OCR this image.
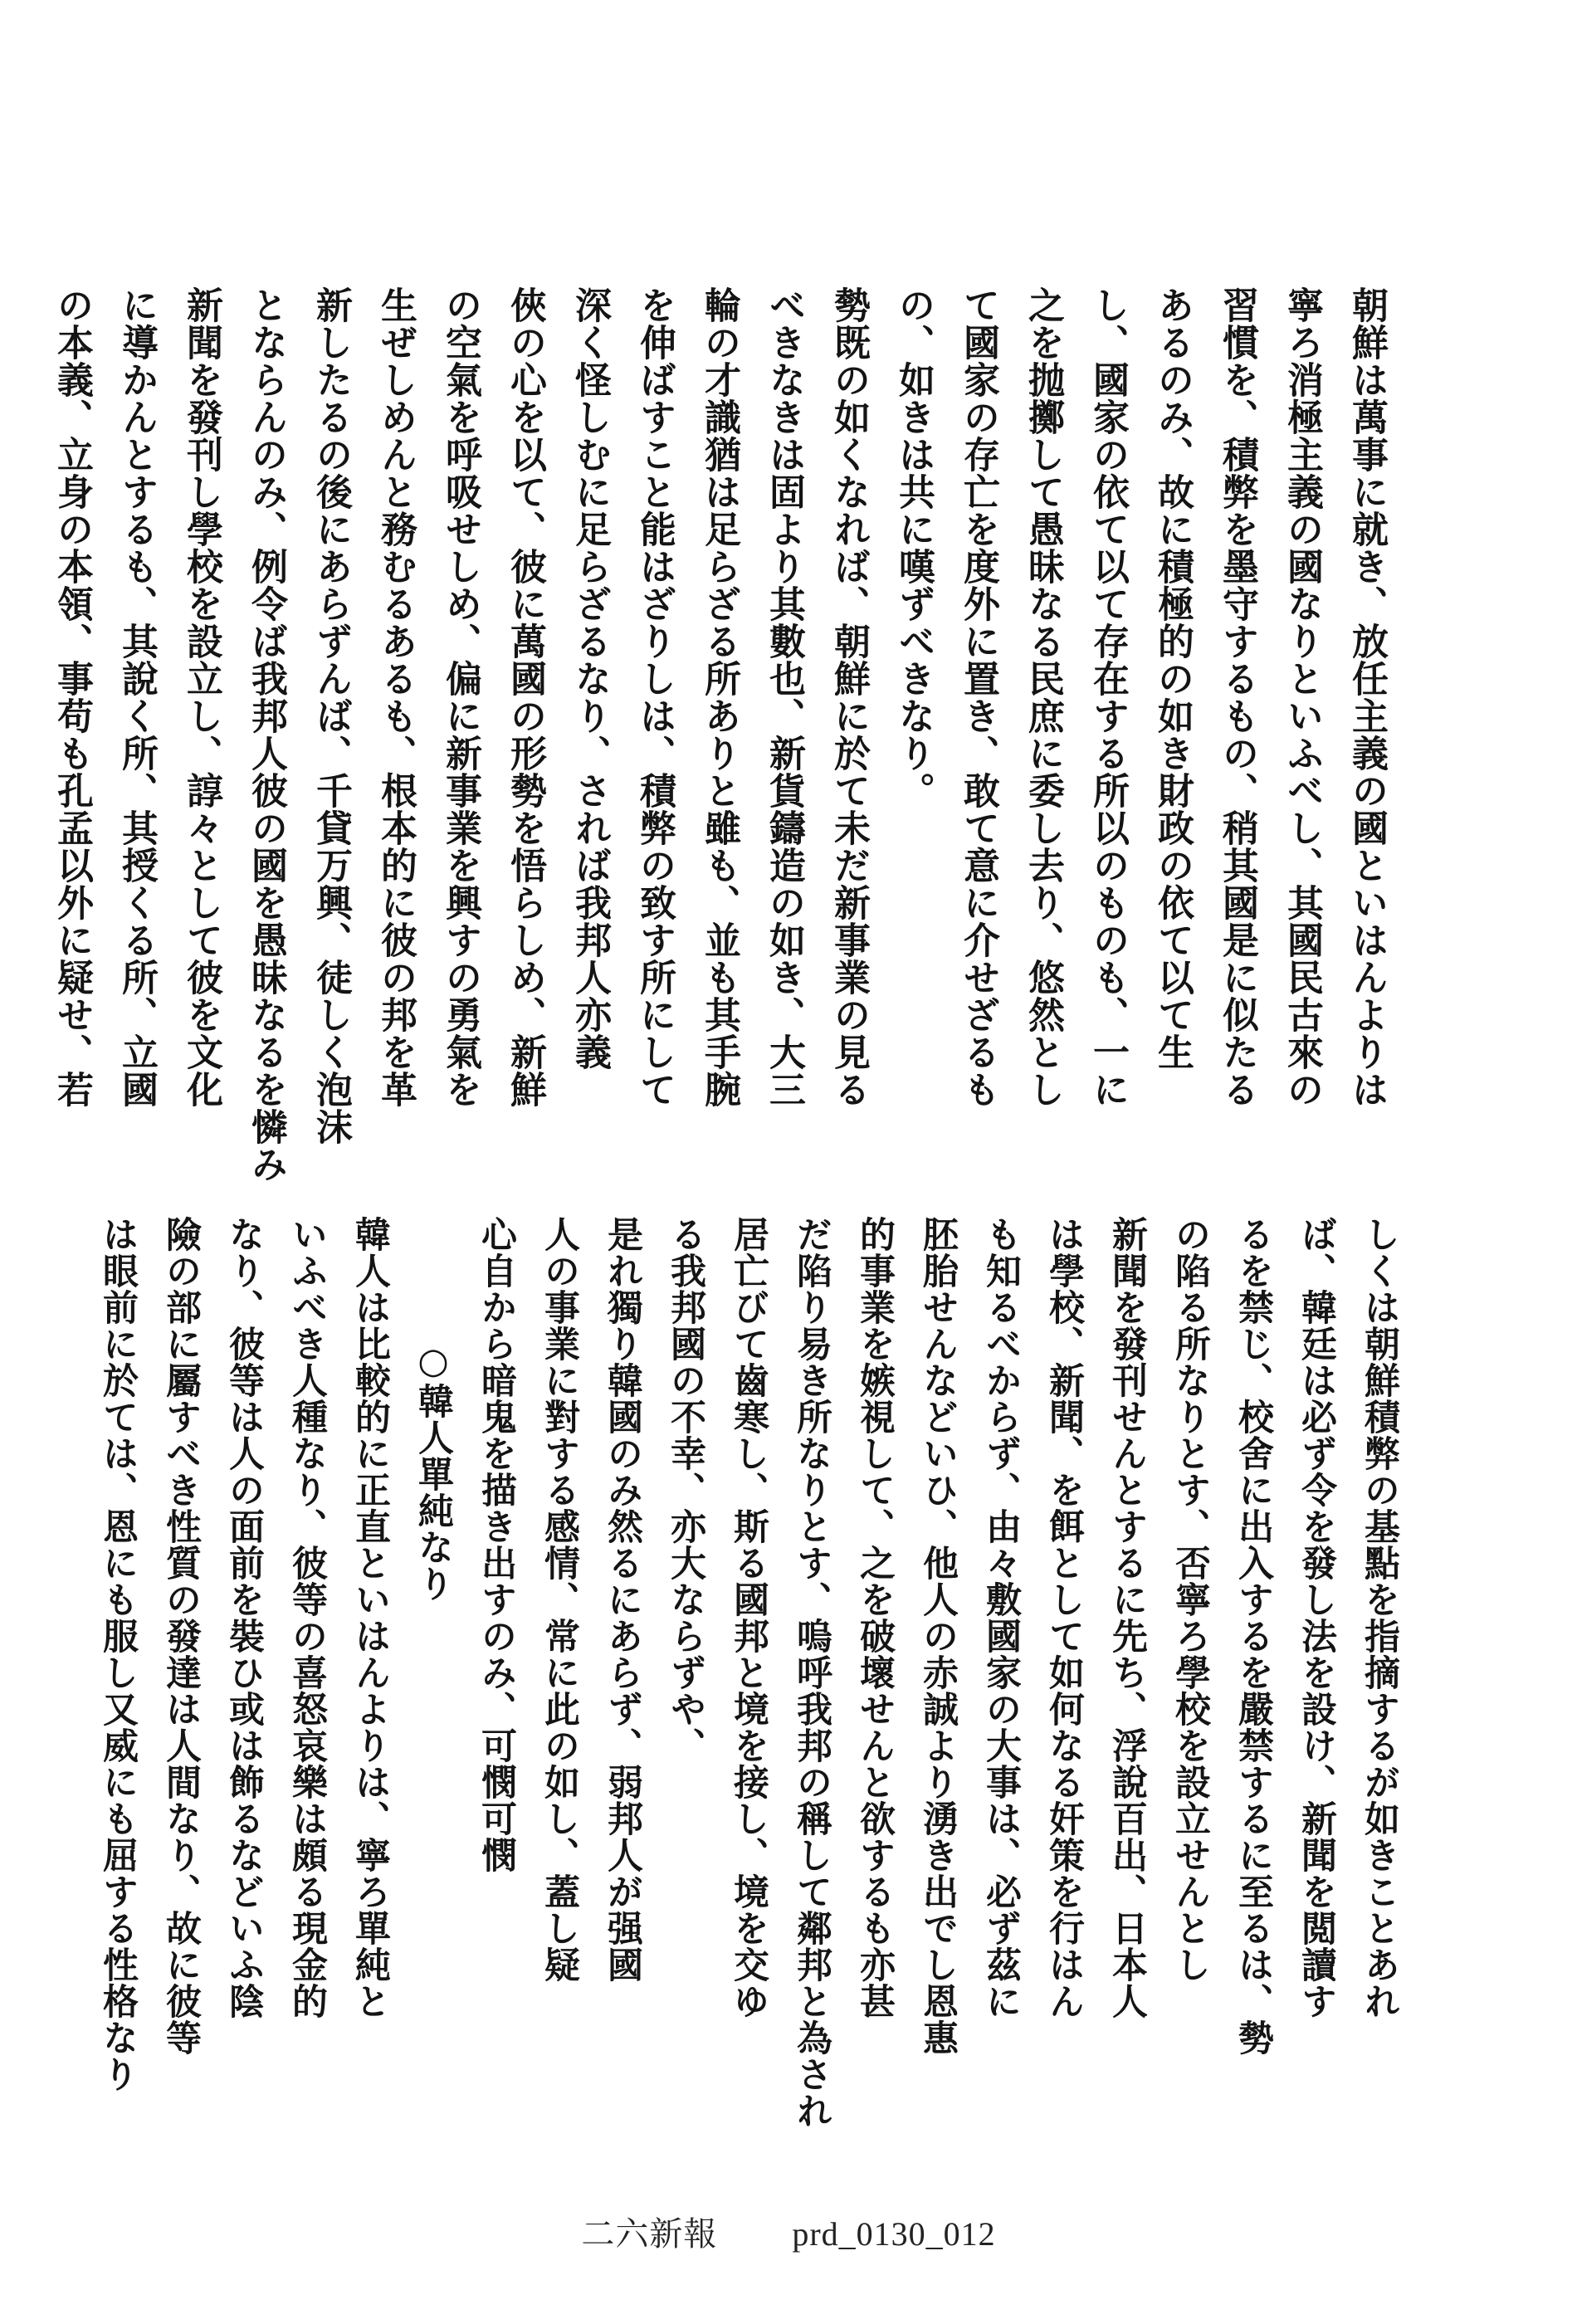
朝鮮は萬事に就き、放任主義の國といはんよりは
寧ろ消極主義の國なりといふべし、其國民古來の
習慣を、積弊を墨守するもの、稍其國是に似たる
あるのみ、故に積極的の如き財政の依て以て生
し、國家の依て以て存在する所以のものも、一に
之を抛擲して愚昧なる民庶に委し去り、悠然とし
て國家の存亡を度外に置き、敢て意に介せざるも
の、如きは共に嘆ずべきなり。
勢既の如くなれば、朝鮮に於て未だ新事業の見る
べきなきは固より其數也、新貨鑄造の如き、大三
輪の才識猶は足らざる所ありと雖も、並も其手腕
を伸ばすこと能はざりしは、積弊の致す所にして
深く怪しむに足らざるなり、されば我邦人亦義
俠の心を以て、彼に萬國の形勢を悟らしめ、新鮮
の空氣を呼吸せしめ、偏に新事業を興すの勇氣を
生ぜしめんと務むるあるも、根本的に彼の邦を革
新したるの後にあらずんば、千貸万興、徒しく泡沫
とならんのみ、例令ば我邦人彼の國を愚昧なるを憐み
新聞を發刊し學校を設立し、諄々として彼を文化
に導かんとするも、其說く所、其授くる所、立國
の本義、立身の本領、事苟も孔孟以外に疑せ、若
しくは朝鮮積弊の基點を指摘するが如きことあれ
ば、韓廷は必ず令を發し法を設け、新聞を閲讀す
るを禁じ、校舍に出入するを嚴禁するに至るは、勢
の陷る所なりとす、否寧ろ學校を設立せんとし
新聞を發刊せんとするに先ち、浮說百出、日本人
は學校、新聞、を餌として如何なる奸策を行はん
も知るべからず、由々敷國家の大事は、必ず茲に
胚胎せんなどいひ、他人の赤誠より湧き出でし恩惠
的事業を嫉視して、之を破壞せんと欲するも亦甚
だ陷り易き所なりとす、嗚呼我邦の稱して鄰邦と為され
居亡びて齒寒し、斯る國邦と境を接し、境を交ゆ
る我邦國の不幸、亦大ならずや、
是れ獨り韓國のみ然るにあらず、弱邦人が强國
人の事業に對する感情、常に此の如し、蓋し疑
心自から暗鬼を描き出すのみ、可憫可憫
○韓人單純なり
韓人は比較的に正直といはんよりは、寧ろ單純と
いふべき人種なり、彼等の喜怒哀樂は頗る現金的
なり、彼等は人の面前を裝ひ或は飾るなどいふ陰
險の部に屬すべき性質の發達は人間なり、故に彼等
は眼前に於ては、恩にも服し又威にも屈する性格なり
二六新報 prd_0130_012
